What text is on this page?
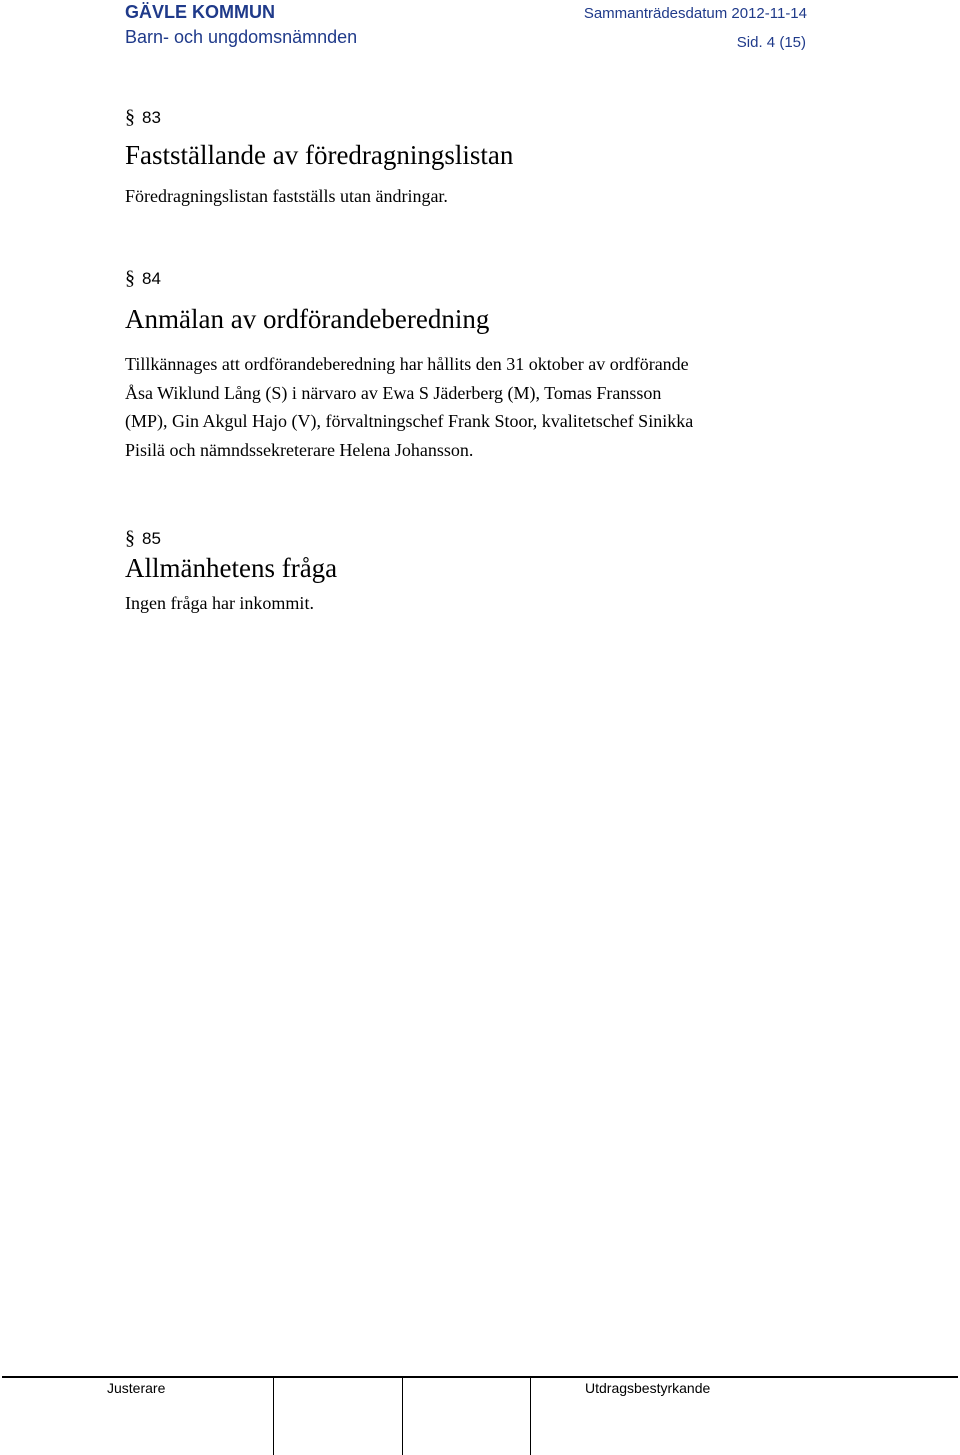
GÄVLE KOMMUN
Barn- och ungdomsnämnden
Sammanträdesdatum 2012-11-14
Sid. 4 (15)
§ 83
Fastställande av föredragningslistan
Föredragningslistan fastställs utan ändringar.
§ 84
Anmälan av ordförandeberedning
Tillkännages att ordförandeberedning har hållits den 31 oktober av ordförande
Åsa Wiklund Lång (S) i närvaro av Ewa S Jäderberg (M), Tomas Fransson
(MP), Gin Akgul Hajo (V), förvaltningschef Frank Stoor, kvalitetschef Sinikka
Pisilä och nämndssekreterare Helena Johansson.
§ 85
Allmänhetens fråga
Ingen fråga har inkommit.
Justerare	Utdragsbestyrkande
